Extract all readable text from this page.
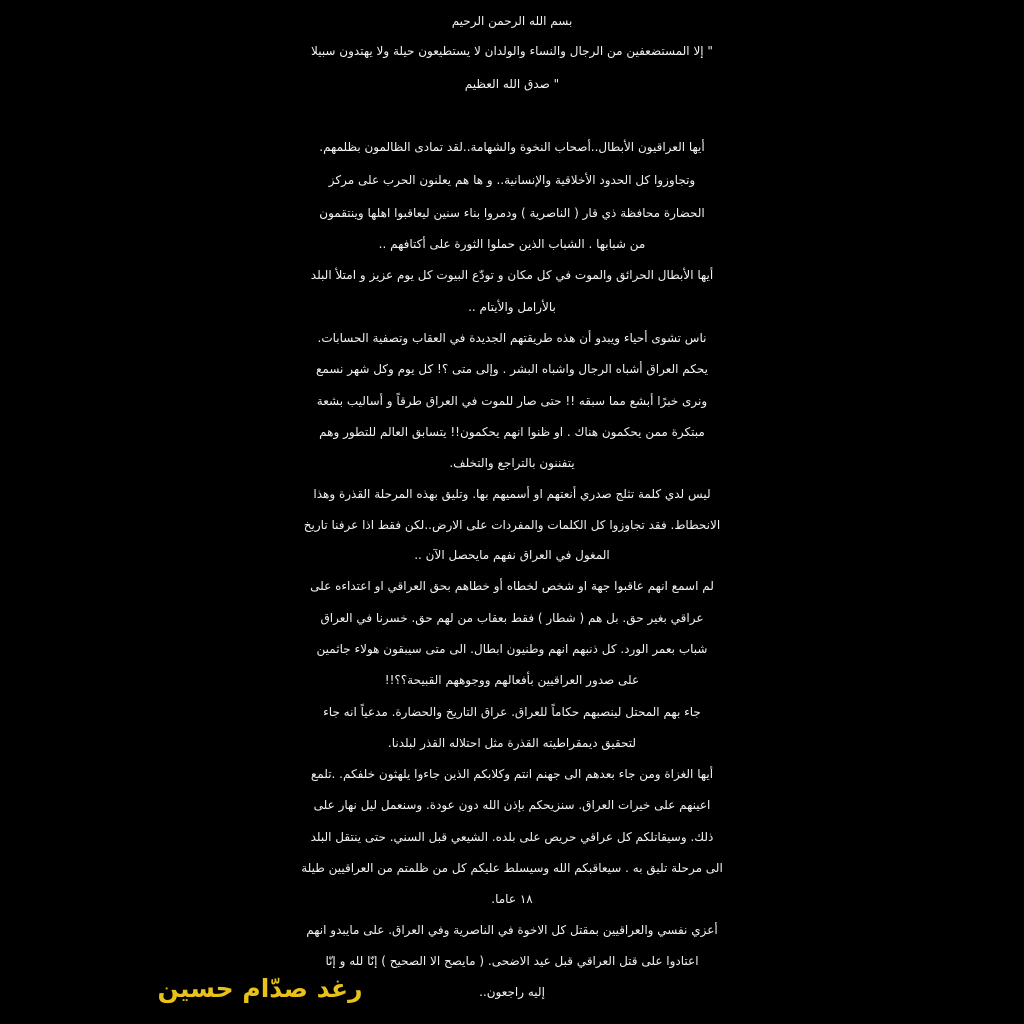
بسم الله الرحمن الرحيم
" إلا المستضعفين من الرجال والنساء والولدان لا يستطيعون حيلة ولا يهتدون سبيلا
" صدق الله العظيم
أيها العراقيون الأبطال..أصحاب النخوة والشهامة..لقد تمادى الظالمون بظلمهم.
وتجاوزوا كل الحدود الأخلاقية والإنسانية.. و ها هم يعلنون الحرب على مركز
الحضارة محافظة ذي قار ( الناصرية ) ودمروا بناء سنين ليعاقبوا اهلها وينتقمون
من شبابها . الشباب الذين حملوا الثورة على أكتافهم ..
أيها الأبطال الحرائق والموت في كل مكان و تودّع البيوت كل يوم عزيز و امتلأ البلد
بالأرامل والأيتام ..
ناس تشوى أحياء ويبدو أن هذه طريقتهم الجديدة في العقاب وتصفية الحسابات.
يحكم العراق أشباه الرجال واشباه البشر . وإلى متى ؟! كل يوم وكل شهر نسمع
ونرى خبرًا أبشع مما سبقه !! حتى صار للموت في العراق طرقاً و أساليب بشعة
مبتكرة ممن يحكمون هناك . او ظنوا انهم يحكمون!! يتسابق العالم للتطور وهم
يتفننون بالتراجع والتخلف.
ليس لدي كلمة تثلج صدري أنعتهم او أسميهم بها. وتليق بهذه المرحلة القذرة وهذا
الانحطاط. فقد تجاوزوا كل الكلمات والمفردات على الارض..لكن فقط اذا عرفنا تاريخ
المغول في العراق نفهم مايحصل الآن ..
لم اسمع انهم عاقبوا جهة او شخص لخطاه أو خطاهم بحق العراقي او اعتداءه على
عراقي بغير حق. بل هم ( شطار ) فقط بعقاب من لهم حق. خسرنا في العراق
شباب بعمر الورد. كل ذنبهم انهم وطنيون ابطال. الى متى سيبقون هولاء جاثمين
على صدور العراقيين بأفعالهم ووجوههم القبيحة؟؟!!
جاء بهم المحتل لينصبهم حكاماً للعراق. عراق التاريخ والحضارة. مدعياً انه جاء
لتحقيق ديمقراطيته القذرة مثل احتلاله القذر لبلدنا.
أيها الغزاة ومن جاء بعدهم الى جهنم انتم وكلابكم الذين جاءوا يلهثون خلفكم. .تلمع
اعينهم على خيرات العراق. سنزيحكم بإذن الله دون عودة. وسنعمل ليل نهار على
ذلك. وسيقاتلكم كل عراقي حريص على بلده. الشيعي قبل السني. حتى ينتقل البلد
الى مرحلة تليق به . سيعاقبكم الله وسيسلط عليكم كل من ظلمتم من العراقيين طيلة
١٨ عاما.
أعزي نفسي والعراقيين بمقتل كل الاخوة في الناصرية وفي العراق. على مايبدو انهم
اعتادوا على قتل العراقي قبل عيد الاضحى. ( مايصح الا الصحيح ) إنّا لله و إنّا
إليه راجعون..
رغد صدّام حسين
